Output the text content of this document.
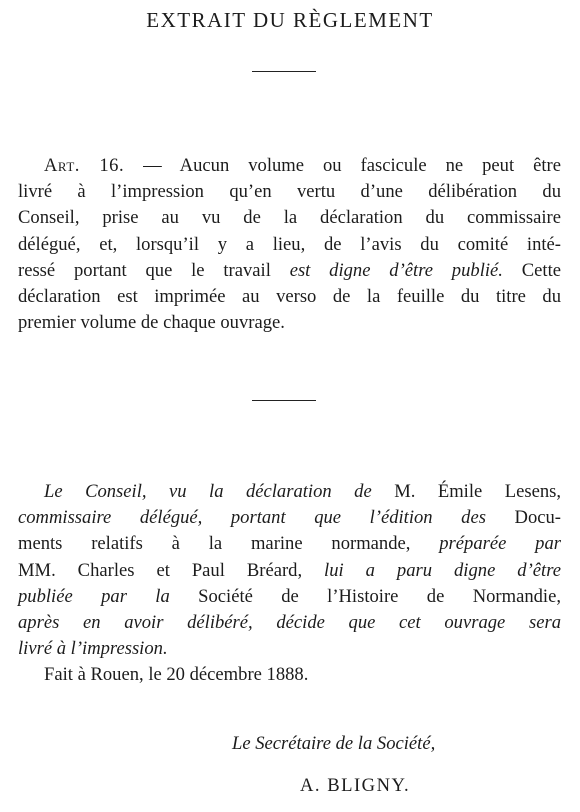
EXTRAIT DU RÈGLEMENT
Art. 16. — Aucun volume ou fascicule ne peut être
livré à l’impression qu’en vertu d’une délibération du
Conseil, prise au vu de la déclaration du commissaire
délégué, et, lorsqu’il y a lieu, de l’avis du comité inté-
ressé portant que le travail est digne d’être publié. Cette
déclaration est imprimée au verso de la feuille du titre du
premier volume de chaque ouvrage.
Le Conseil, vu la déclaration de M. Émile Lesens,
commissaire délégué, portant que l’édition des Docu-
ments relatifs à la marine normande, préparée par
MM. Charles et Paul Bréard, lui a paru digne d’être
publiée par la Société de l’Histoire de Normandie,
après en avoir délibéré, décide que cet ouvrage sera
livré à l’impression.
Fait à Rouen, le 20 décembre 1888.
Le Secrétaire de la Société,
A. BLIGNY.
